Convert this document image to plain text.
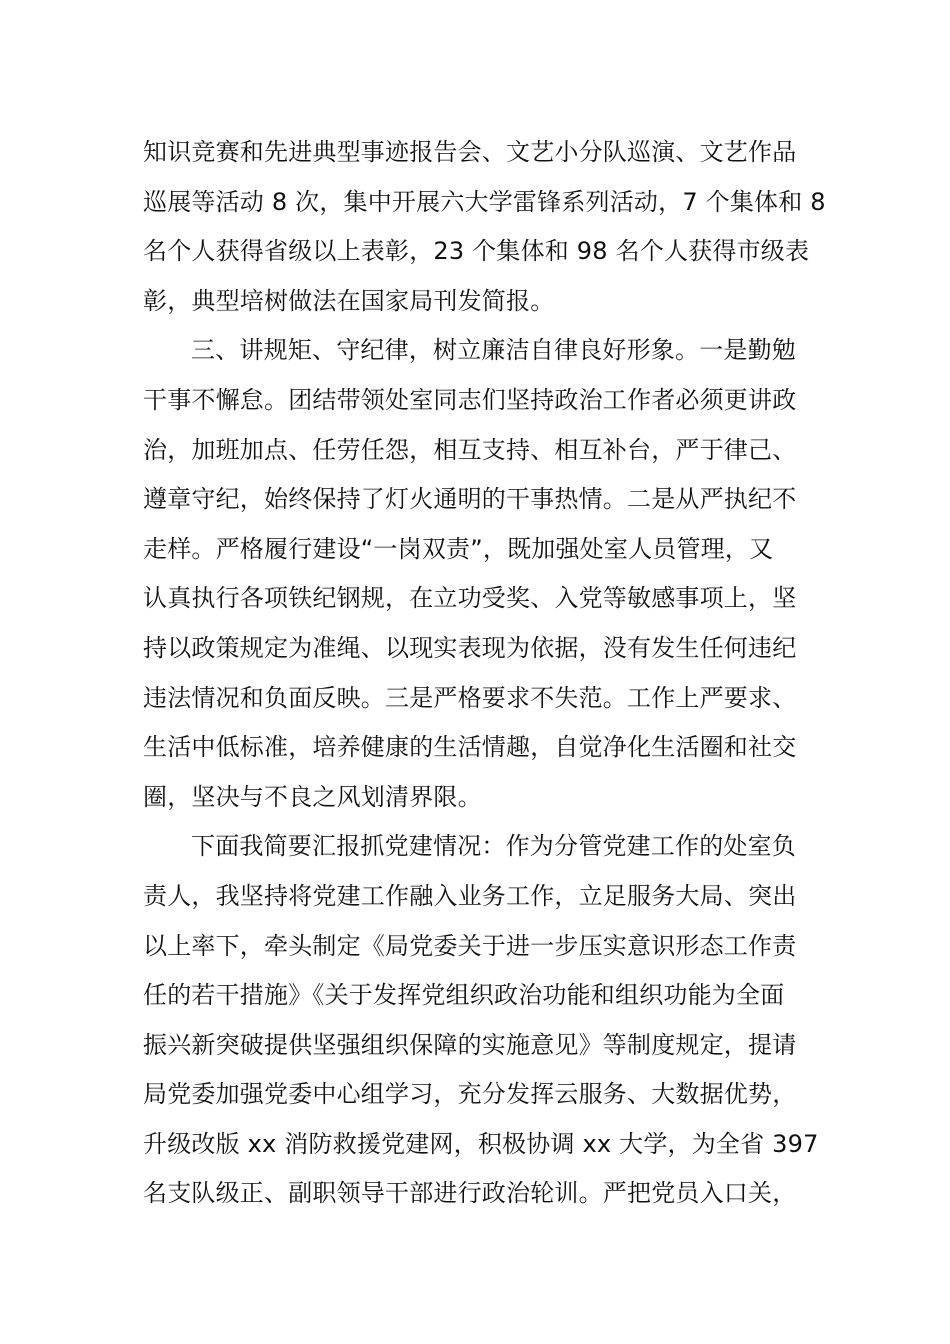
知识竞赛和先进典型事迹报告会、文艺小分队巡演、文艺作品
巡展等活动 8 次，集中开展六大学雷锋系列活动，7 个集体和 8
名个人获得省级以上表彰，23 个集体和 98 名个人获得市级表
彰，典型培树做法在国家局刊发简报。
三、讲规矩、守纪律，树立廉洁自律良好形象。一是勤勉
干事不懈怠。团结带领处室同志们坚持政治工作者必须更讲政
治，加班加点、任劳任怨，相互支持、相互补台，严于律己、
遵章守纪，始终保持了灯火通明的干事热情。二是从严执纪不
走样。严格履行建设“一岗双责”，既加强处室人员管理，又
认真执行各项铁纪钢规，在立功受奖、入党等敏感事项上，坚
持以政策规定为准绳、以现实表现为依据，没有发生任何违纪
违法情况和负面反映。三是严格要求不失范。工作上严要求、
生活中低标准，培养健康的生活情趣，自觉净化生活圈和社交
圈，坚决与不良之风划清界限。
下面我简要汇报抓党建情况：作为分管党建工作的处室负
责人，我坚持将党建工作融入业务工作，立足服务大局、突出
以上率下，牵头制定《局党委关于进一步压实意识形态工作责
任的若干措施》《关于发挥党组织政治功能和组织功能为全面
振兴新突破提供坚强组织保障的实施意见》等制度规定，提请
局党委加强党委中心组学习，充分发挥云服务、大数据优势，
升级改版 xx 消防救援党建网，积极协调 xx 大学，为全省 397
名支队级正、副职领导干部进行政治轮训。严把党员入口关，
